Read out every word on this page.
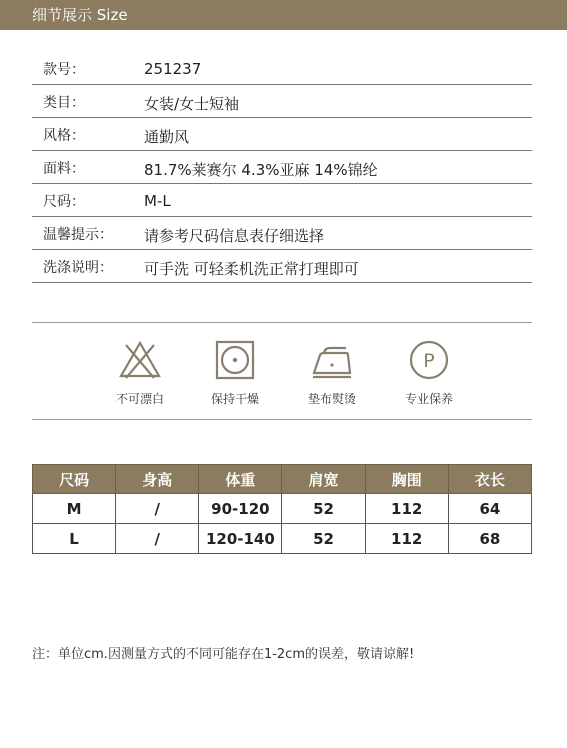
细节展示 Size
款号：	251237
类目：	女装/女士短袖
风格：	通勤风
面料：	81.7%莱赛尔 4.3%亚麻 14%锦纶
尺码：	M-L
温馨提示： 请参考尺码信息表仔细选择
洗涤说明： 可手洗 可轻柔机洗正常打理即可
不可漂白	保持干燥	垫布熨烫
P
专业保养
尺码	身高	体重	肩宽	胸围	衣长
M	/	90-120	52	112	64
L	/	120-140	52	112	68
注：单位cm.因测量方式的不同可能存在1-2cm的误差，敬请谅解!
